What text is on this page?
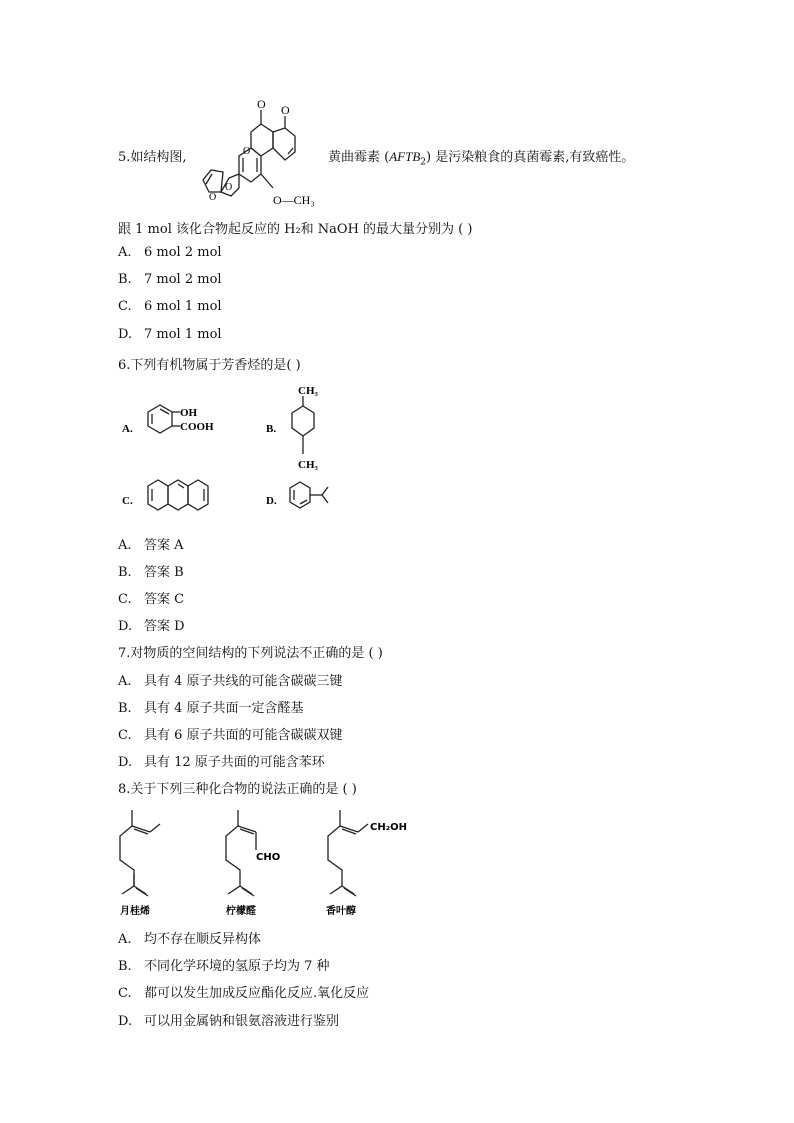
5.如结构图,
O O
O
O
O
O—CH₃
黄曲霉素 $(AFTB_2)$ 是污染粮食的真菌霉素,有致癌性。
跟 1 mol 该化合物起反应的 H₂和 NaOH 的最大量分别为 ( )
A. 6 mol 2 mol
B. 7 mol 2 mol
C. 6 mol 1 mol
D. 7 mol 1 mol
6.下列有机物属于芳香烃的是( )
A.
OH
COOH	B.
CH₃
CH₃
C.	D.
A. 答案 A
B. 答案 B
C. 答案 C
D. 答案 D
7.对物质的空间结构的下列说法不正确的是 ( )
A. 具有 4 原子共线的可能含碳碳三键
B. 具有 4 原子共面一定含醛基
C. 具有 6 原子共面的可能含碳碳双键
D. 具有 12 原子共面的可能含苯环
8.关于下列三种化合物的说法正确的是 ( )
月桂烯
CHO
柠檬醛
CH₂OH
香叶醇
A. 均不存在顺反异构体
B. 不同化学环境的氢原子均为 7 种
C. 都可以发生加成反应酯化反应.氧化反应
D. 可以用金属钠和银氨溶液进行鉴别
